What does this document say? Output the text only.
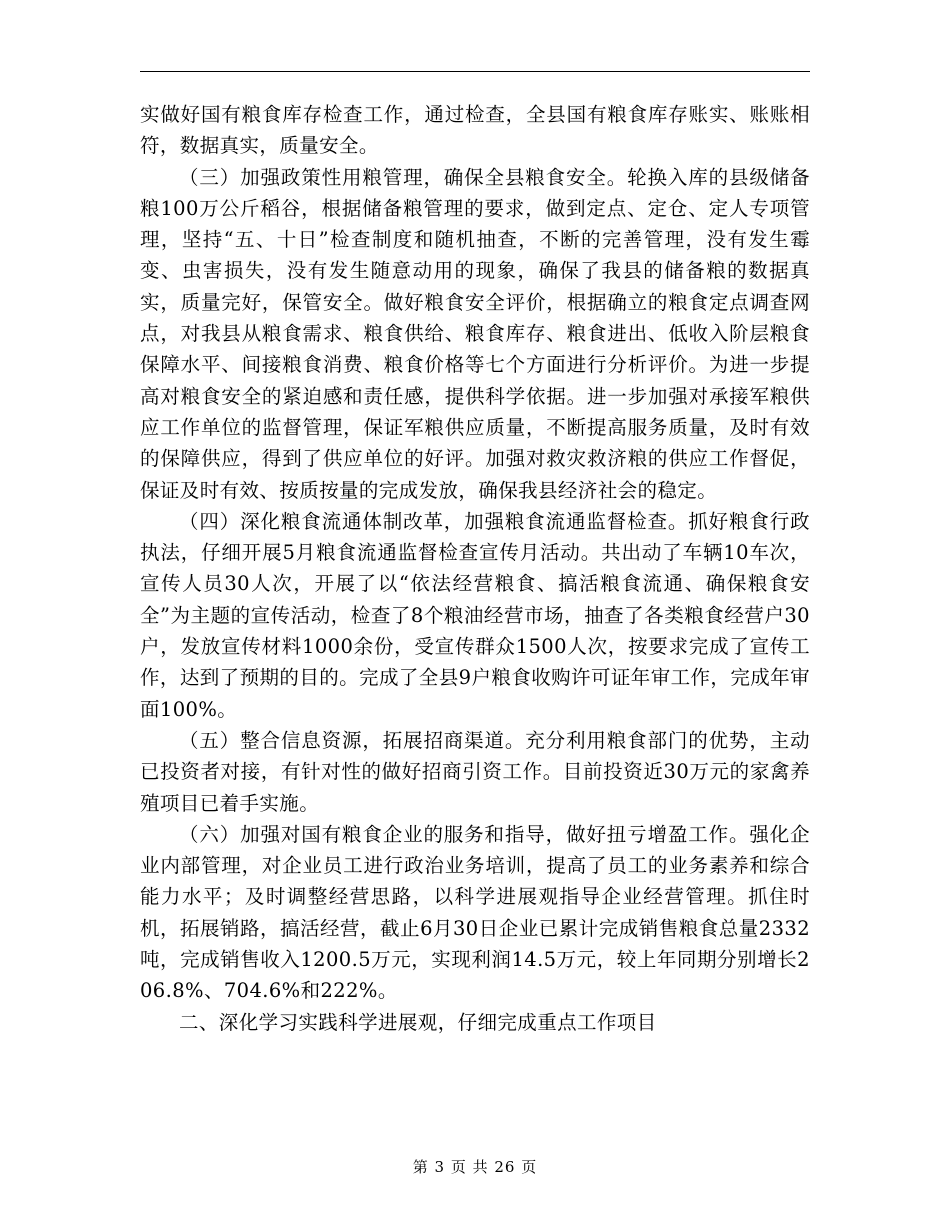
实做好国有粮食库存检查工作，通过检查，全县国有粮食库存账实、账账相符，数据真实，质量安全。

（三）加强政策性用粮管理，确保全县粮食安全。轮换入库的县级储备粮100万公斤稻谷，根据储备粮管理的要求，做到定点、定仓、定人专项管理，坚持“五、十日”检查制度和随机抽查，不断的完善管理，没有发生霉变、虫害损失，没有发生随意动用的现象，确保了我县的储备粮的数据真实，质量完好，保管安全。做好粮食安全评价，根据确立的粮食定点调查网点，对我县从粮食需求、粮食供给、粮食库存、粮食进出、低收入阶层粮食保障水平、间接粮食消费、粮食价格等七个方面进行分析评价。为进一步提高对粮食安全的紧迫感和责任感，提供科学依据。进一步加强对承接军粮供应工作单位的监督管理，保证军粮供应质量，不断提高服务质量，及时有效的保障供应，得到了供应单位的好评。加强对救灾救济粮的供应工作督促，保证及时有效、按质按量的完成发放，确保我县经济社会的稳定。

（四）深化粮食流通体制改革，加强粮食流通监督检查。抓好粮食行政执法，仔细开展5月粮食流通监督检查宣传月活动。共出动了车辆10车次，宣传人员30人次，开展了以“依法经营粮食、搞活粮食流通、确保粮食安全”为主题的宣传活动，检查了8个粮油经营市场，抽查了各类粮食经营户30户，发放宣传材料1000余份，受宣传群众1500人次，按要求完成了宣传工作，达到了预期的目的。完成了全县9户粮食收购许可证年审工作，完成年审面100%。

（五）整合信息资源，拓展招商渠道。充分利用粮食部门的优势，主动已投资者对接，有针对性的做好招商引资工作。目前投资近30万元的家禽养殖项目已着手实施。

（六）加强对国有粮食企业的服务和指导，做好扭亏增盈工作。强化企业内部管理，对企业员工进行政治业务培训，提高了员工的业务素养和综合能力水平；及时调整经营思路，以科学进展观指导企业经营管理。抓住时机，拓展销路，搞活经营，截止6月30日企业已累计完成销售粮食总量2332吨，完成销售收入1200.5万元，实现利润14.5万元，较上年同期分别增长206.8%、704.6%和222%。

二、深化学习实践科学进展观，仔细完成重点工作项目

第 3 页 共 26 页
